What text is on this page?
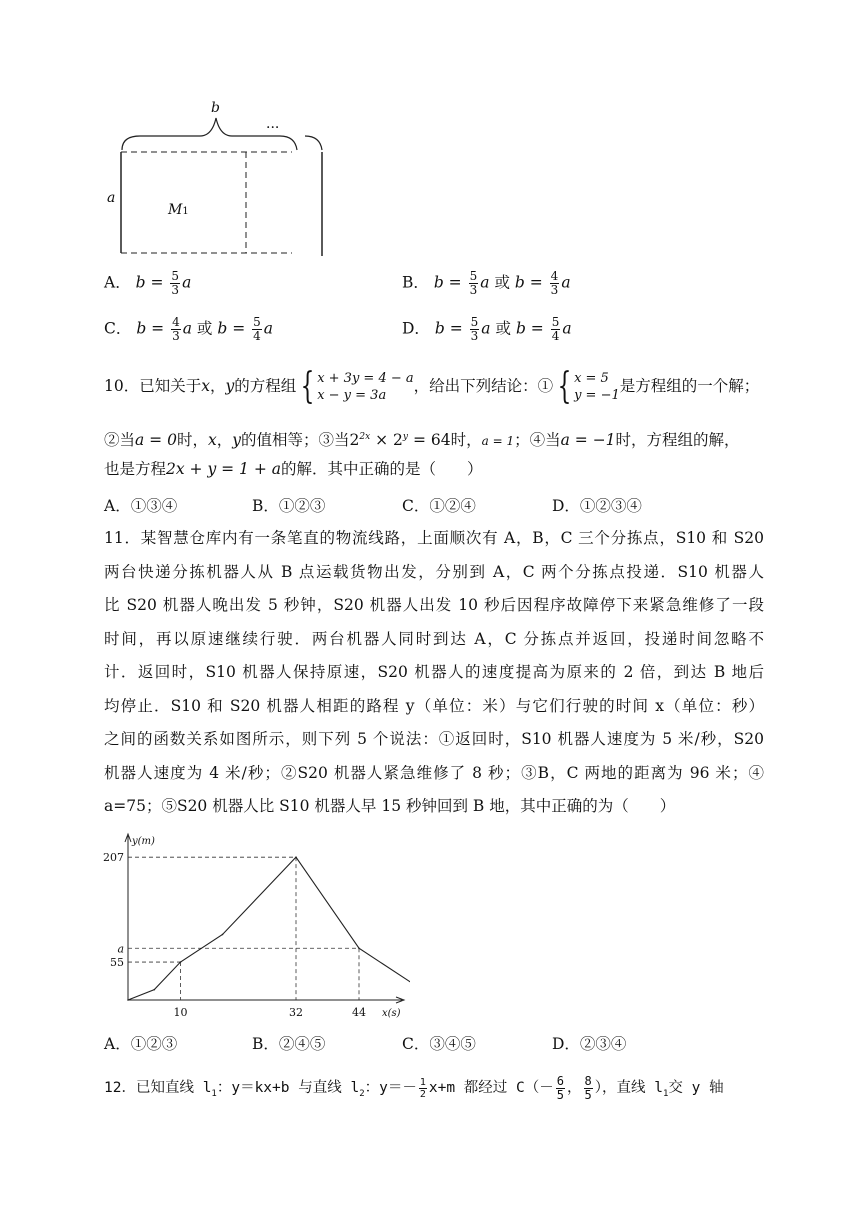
b
···
a
M1
A． $b = \frac{5}{3}$ a	B． $b = \frac{5}{3}$ a 或 $b = \frac{4}{3}$ a
C． $b = \frac{4}{3}$ a 或 $b = \frac{5}{4}$ a	D． $b = \frac{5}{3}$ a 或 $b = \frac{5}{4}$ a
10．已知关于x，y的方程组 { x + 3y = 4 − a
x − y = 3a
，给出下列结论：① { x = 5
y = −1
是方程组的一个解；
②当a = 0时，x，y的值相等；③当$2^{2x} \times 2^y = 64$时，a = 1；④当a = −1时，方程组的解，
也是方程2x + y = 1 + a的解．其中正确的是（　　）
A．①③④	B．①②③	C．①②④	D．①②③④
11．某智慧仓库内有一条笔直的物流线路，上面顺次有 A，B，C 三个分拣点，S10 和 S20
两台快递分拣机器人从 B 点运载货物出发，分别到 A，C 两个分拣点投递．S10 机器人
比 S20 机器人晚出发 5 秒钟，S20 机器人出发 10 秒后因程序故障停下来紧急维修了一段
时间，再以原速继续行驶．两台机器人同时到达 A，C 分拣点并返回，投递时间忽略不
计．返回时，S10 机器人保持原速，S20 机器人的速度提高为原来的 2 倍，到达 B 地后
均停止．S10 和 S20 机器人相距的路程 y（单位：米）与它们行驶的时间 x（单位：秒）
之间的函数关系如图所示，则下列 5 个说法：①返回时，S10 机器人速度为 5 米/秒，S20
机器人速度为 4 米/秒；②S20 机器人紧急维修了 8 秒；③B，C 两地的距离为 96 米；④
a=75；⑤S20 机器人比 S10 机器人早 15 秒钟回到 B 地，其中正确的为（　　）
207
a
55
10	32	44
y(m)
x(s)
A．①②③	B．②④⑤	C．③④⑤	D．②③④
12．已知直线 $l_1$：y＝kx+b 与直线 $l_2$：$y=- \frac{1}{2} x+m$ 都经过 $C(- \frac{6}{5}$ ， $\frac{8}{5}$ ），直线 $l_1$交 y 轴
